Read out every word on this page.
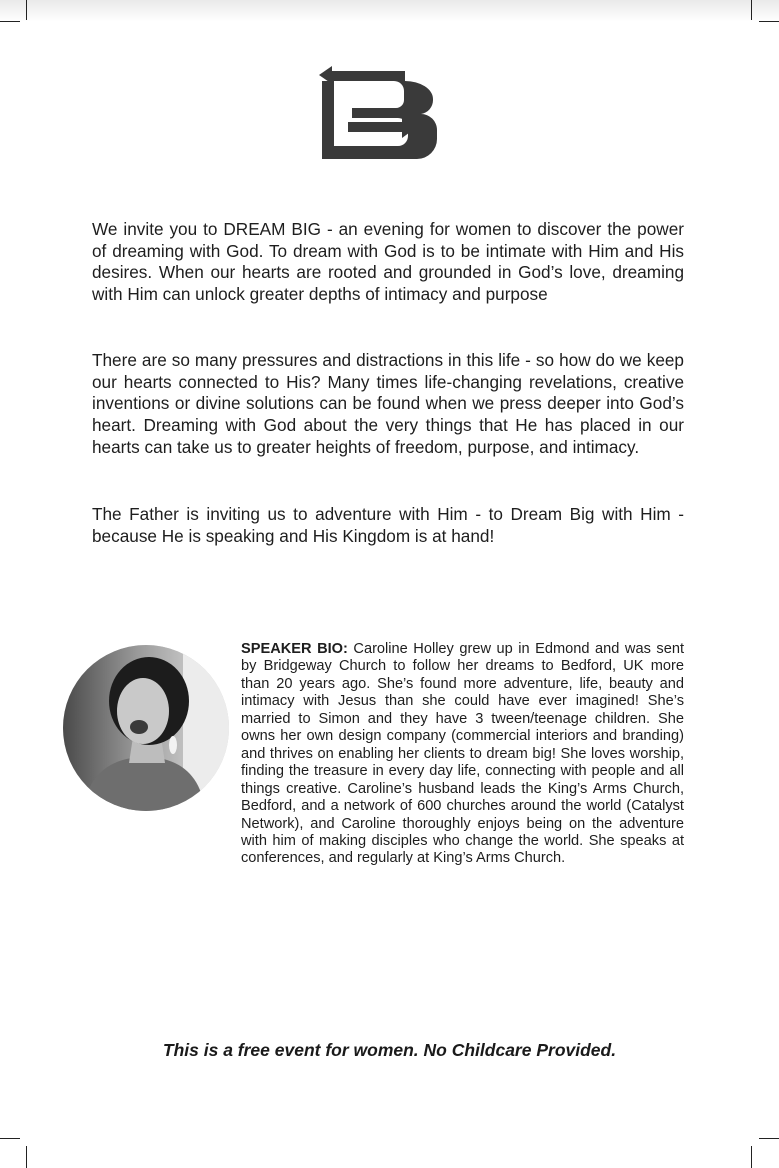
We invite you to DREAM BIG - an evening for women to discover the power of dreaming with God. To dream with God is to be intimate with Him and His desires. When our hearts are rooted and grounded in God’s love, dreaming with Him can unlock greater depths of intimacy and purpose

There are so many pressures and distractions in this life - so how do we keep our hearts connected to His? Many times life-changing revelations, creative inventions or divine solutions can be found when we press deeper into God’s heart. Dreaming with God about the very things that He has placed in our hearts can take us to greater heights of freedom, purpose, and intimacy.

The Father is inviting us to adventure with Him - to Dream Big with Him - because He is speaking and His Kingdom is at hand!

SPEAKER BIO: Caroline Holley grew up in Edmond and was sent by Bridgeway Church to follow her dreams to Bedford, UK more than 20 years ago. She’s found more adventure, life, beauty and intimacy with Jesus than she could have ever imagined! She’s married to Simon and they have 3 tween/teenage children. She owns her own design company (commercial interiors and branding) and thrives on enabling her clients to dream big! She loves worship, finding the treasure in every day life, connecting with people and all things creative. Caroline’s husband leads the King’s Arms Church, Bedford, and a network of 600 churches around the world (Catalyst Network), and Caroline thoroughly enjoys being on the adventure with him of making disciples who change the world. She speaks at conferences, and regularly at King’s Arms Church.

This is a free event for women. No Childcare Provided.
